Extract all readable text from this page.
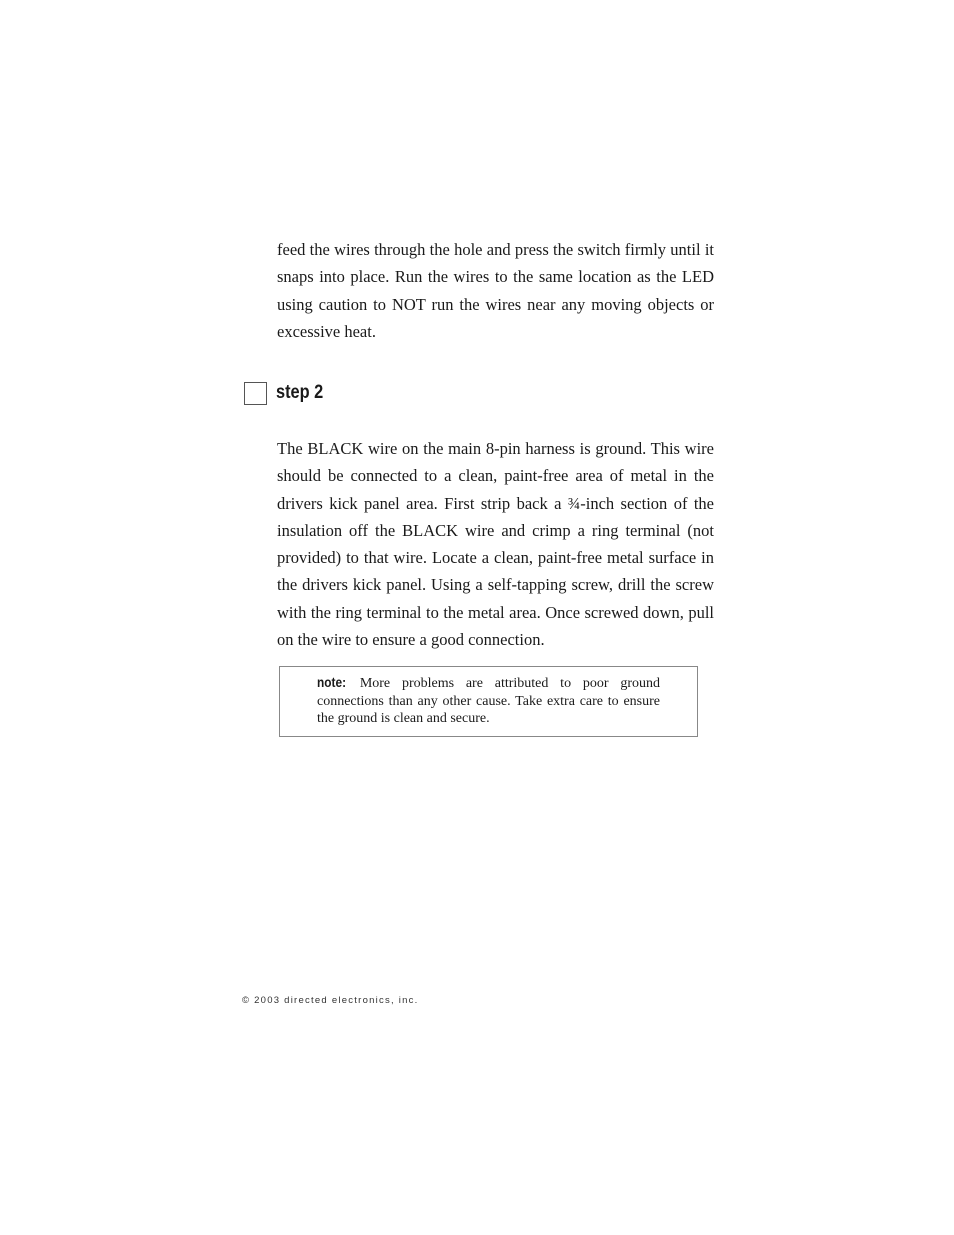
feed the wires through the hole and press the switch firmly until it snaps into place. Run the wires to the same location as the LED using caution to NOT run the wires near any moving objects or excessive heat.

step 2

The BLACK wire on the main 8-pin harness is ground. This wire should be connected to a clean, paint-free area of metal in the drivers kick panel area. First strip back a ¾-inch section of the insulation off the BLACK wire and crimp a ring terminal (not provided) to that wire. Locate a clean, paint-free metal surface in the drivers kick panel. Using a self-tapping screw, drill the screw with the ring terminal to the metal area. Once screwed down, pull on the wire to ensure a good connection.

note: More problems are attributed to poor ground connections than any other cause. Take extra care to ensure the ground is clean and secure.

© 2003 directed electronics, inc.
